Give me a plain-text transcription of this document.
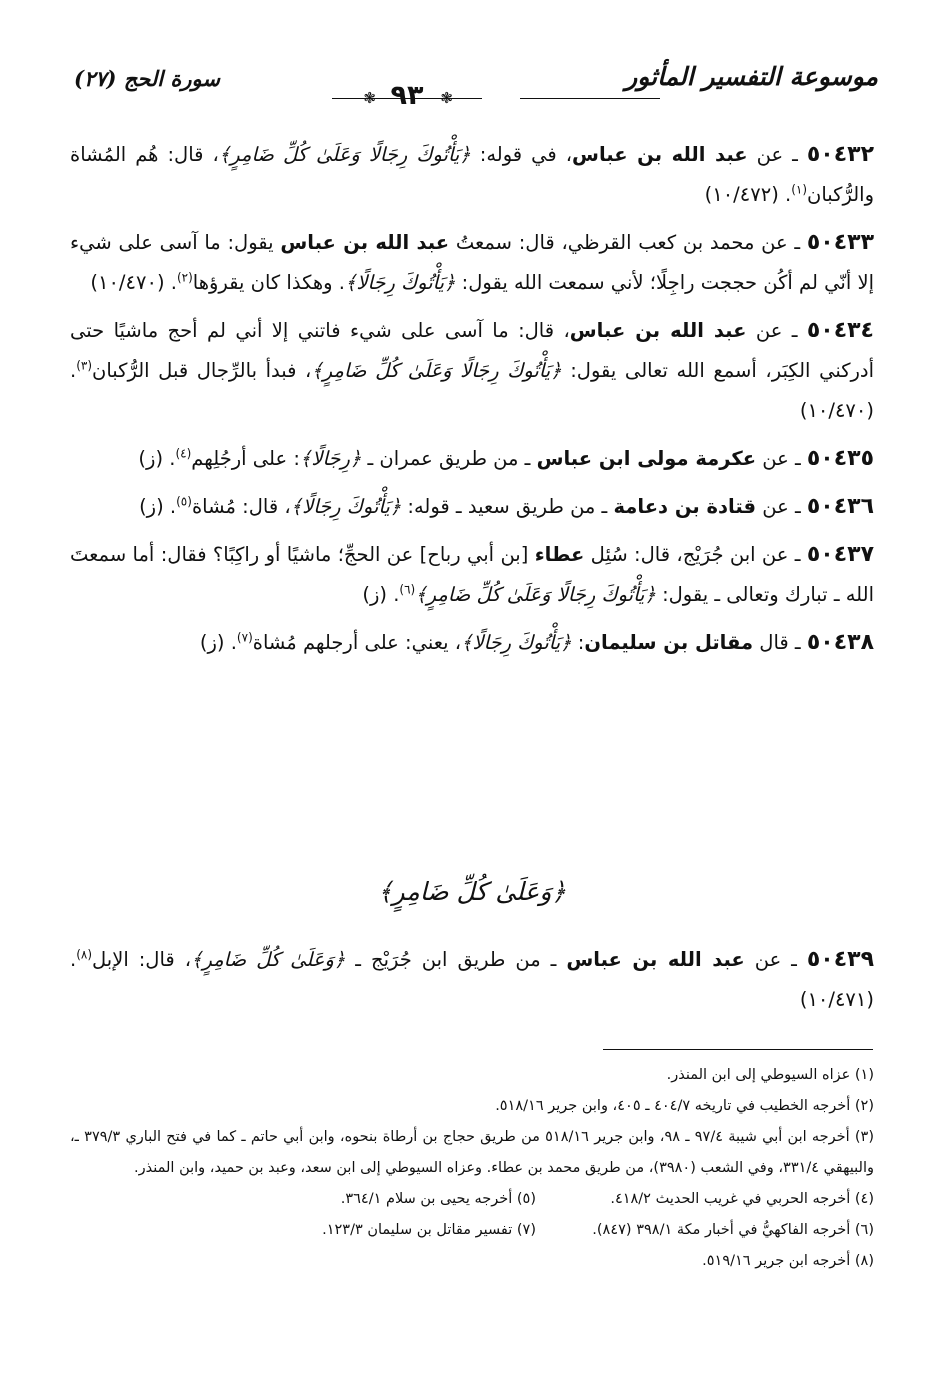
موسوعة التفسير المأثور
❃ ٩٣	❃
سورة الحج (٢٧)

٥٠٤٣٢ ـ عن عبد الله بن عباس، في قوله: ﴿يَأْتُوكَ رِجَالًا وَعَلَىٰ كُلِّ ضَامِرٍ﴾، قال: هُم المُشاة والرُّكبان$^{(١)}$. (١٠/٤٧٢)

٥٠٤٣٣ ـ عن محمد بن كعب القرظي، قال: سمعتُ عبد الله بن عباس يقول: ما آسى على شيء إلا أنّي لم أكُن حججت راجِلًا؛ لأني سمعت الله يقول: ﴿يَأْتُوكَ رِجَالًا﴾. وهكذا كان يقرؤها$^{(٢)}$. (١٠/٤٧٠)

٥٠٤٣٤ ـ عن عبد الله بن عباس، قال: ما آسى على شيء فاتني إلا أني لم أحج ماشيًا حتى أدركني الكِبَر، أسمع الله تعالى يقول: ﴿يَأْتُوكَ رِجَالًا وَعَلَىٰ كُلِّ ضَامِرٍ﴾، فبدأ بالرِّجال قبل الرُّكبان$^{(٣)}$. (١٠/٤٧٠)

٥٠٤٣٥ ـ عن عكرمة مولى ابن عباس ـ من طريق عمران ـ ﴿رِجَالًا﴾: على أرجُلِهم$^{(٤)}$. (ز)

٥٠٤٣٦ ـ عن قتادة بن دعامة ـ من طريق سعيد ـ قوله: ﴿يَأْتُوكَ رِجَالًا﴾، قال: مُشاة$^{(٥)}$. (ز)

٥٠٤٣٧ ـ عن ابن جُرَيْج، قال: سُئِل عطاء [بن أبي رباح] عن الحجِّ؛ ماشيًا أو راكِبًا؟ فقال: أما سمعتَ الله ـ تبارك وتعالى ـ يقول: ﴿يَأْتُوكَ رِجَالًا وَعَلَىٰ كُلِّ ضَامِرٍ﴾$^{(٦)}$. (ز)

٥٠٤٣٨ ـ قال مقاتل بن سليمان: ﴿يَأْتُوكَ رِجَالًا﴾، يعني: على أرجلهم مُشاة$^{(٧)}$. (ز)

﴿وَعَلَىٰ كُلِّ ضَامِرٍ﴾

٥٠٤٣٩ ـ عن عبد الله بن عباس ـ من طريق ابن جُرَيْج ـ ﴿وَعَلَىٰ كُلِّ ضَامِرٍ﴾، قال: الإبل$^{(٨)}$. (١٠/٤٧١)

(١) عزاه السيوطي إلى ابن المنذر.

(٢) أخرجه الخطيب في تاريخه ٤٠٤/٧ ـ ٤٠٥، وابن جرير ٥١٨/١٦.

(٣) أخرجه ابن أبي شيبة ٩٧/٤ ـ ٩٨، وابن جرير ٥١٨/١٦ من طريق حجاج بن أرطاة بنحوه، وابن أبي حاتم ـ كما في فتح الباري ٣٧٩/٣ ـ، والبيهقي ٣٣١/٤، وفي الشعب (٣٩٨٠)، من طريق محمد بن عطاء. وعزاه السيوطي إلى ابن سعد، وعبد بن حميد، وابن المنذر.

(٤) أخرجه الحربي في غريب الحديث ٤١٨/٢.

(٥) أخرجه يحيى بن سلام ٣٦٤/١.

(٦) أخرجه الفاكهيُّ في أخبار مكة ٣٩٨/١ (٨٤٧).

(٧) تفسير مقاتل بن سليمان ١٢٣/٣.

(٨) أخرجه ابن جرير ٥١٩/١٦.
